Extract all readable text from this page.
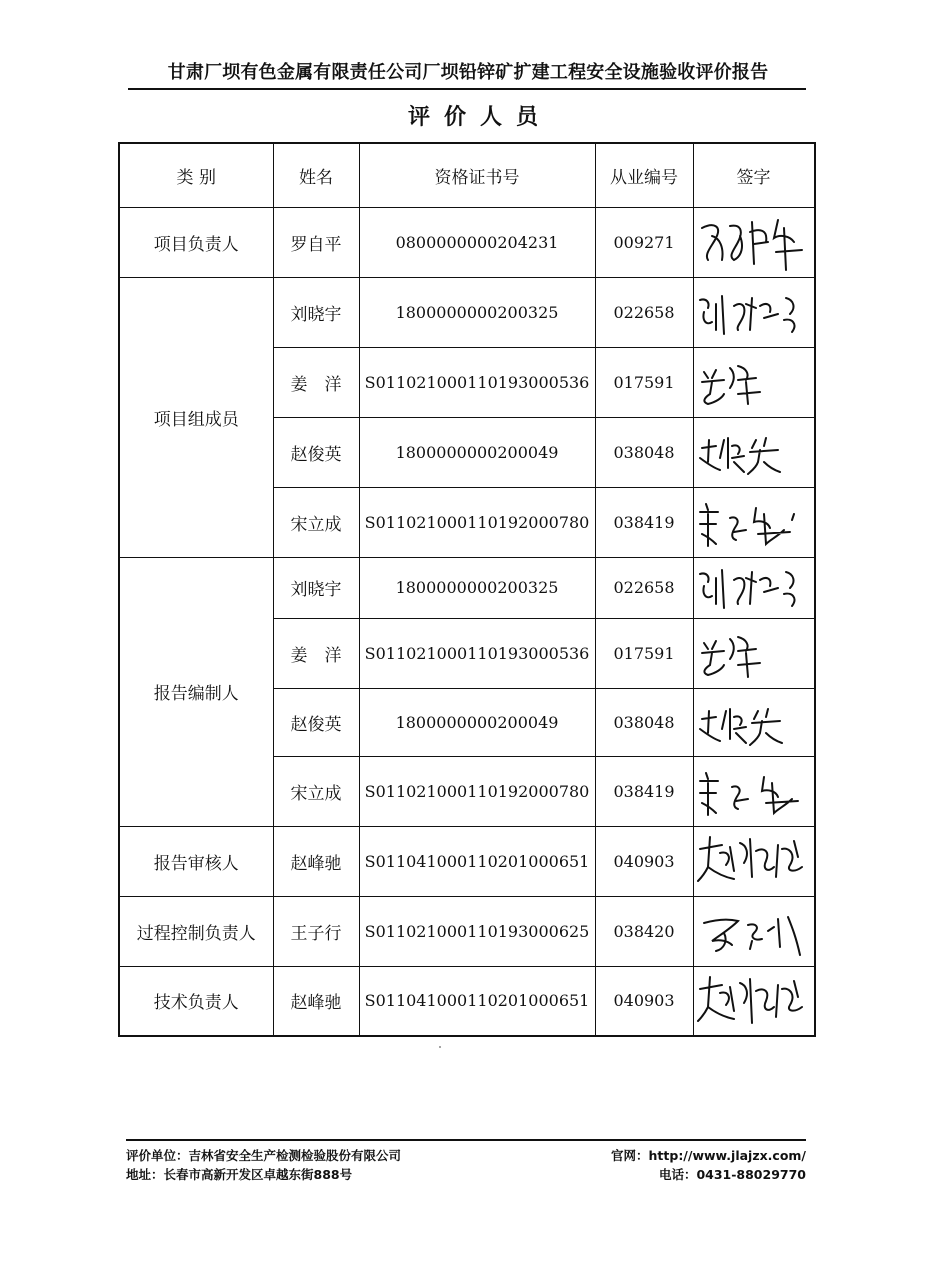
甘肃厂坝有色金属有限责任公司厂坝铅锌矿扩建工程安全设施验收评价报告
评价人员
类 别	姓名	资格证书号	从业编号	签字
项目负责人	罗自平	0800000000204231	009271	

项目组成员	刘晓宇	1800000000200325	022658	

	姜　洋	S011021000110193000536	017591	

	赵俊英	1800000000200049	038048	

	宋立成	S011021000110192000780	038419	

报告编制人	刘晓宇	1800000000200325	022658	

	姜　洋	S011021000110193000536	017591	

	赵俊英	1800000000200049	038048	

	宋立成	S011021000110192000780	038419	

报告审核人	赵峰驰	S011041000110201000651	040903	

过程控制负责人	王子行	S011021000110193000625	038420	

技术负责人	赵峰驰	S011041000110201000651	040903	
评价单位：吉林省安全生产检测检验股份有限公司
地址：长春市高新开发区卓越东街888号
官网：http://www.jlajzx.com/
电话：0431-88029770
